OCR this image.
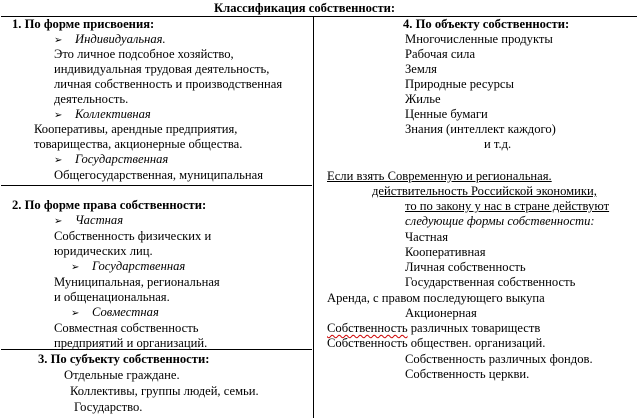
Классификация собственности:
1. По форме присвоения:
➢ Индивидуальная.
Это личное подсобное хозяйство,
индивидуальная трудовая деятельность,
личная собственность и производственная
деятельность.
➢ Коллективная
Кооперативы, арендные предприятия,
товарищества, акционерные общества.
➢ Государственная
Общегосударственная, муниципальная
2. По форме права собственности:
➢ Частная
Собственность физических и
юридических лиц.
➢ Государственная
Муниципальная, региональная
и общенациональная.
➢ Совместная
Совместная собственность
предприятий и организаций.
3. По субъекту собственности:
Отдельные граждане.
Коллективы, группы людей, семьи.
Государство.
4. По объекту собственности:
Многочисленные продукты
Рабочая сила
Земля
Природные ресурсы
Жилье
Ценные бумаги
Знания (интеллект каждого)
и т.д.
Если взять Современную и региональная.
действительность Российской экономики,
то по закону у нас в стране действуют
следующие формы собственности:
Частная
Кооперативная
Личная собственность
Государственная собственность
Аренда, с правом последующего выкупа
Акционерная
Собственность различных товариществ
Собственность обществен. организаций.
Собственность различных фондов.
Собственность церкви.
